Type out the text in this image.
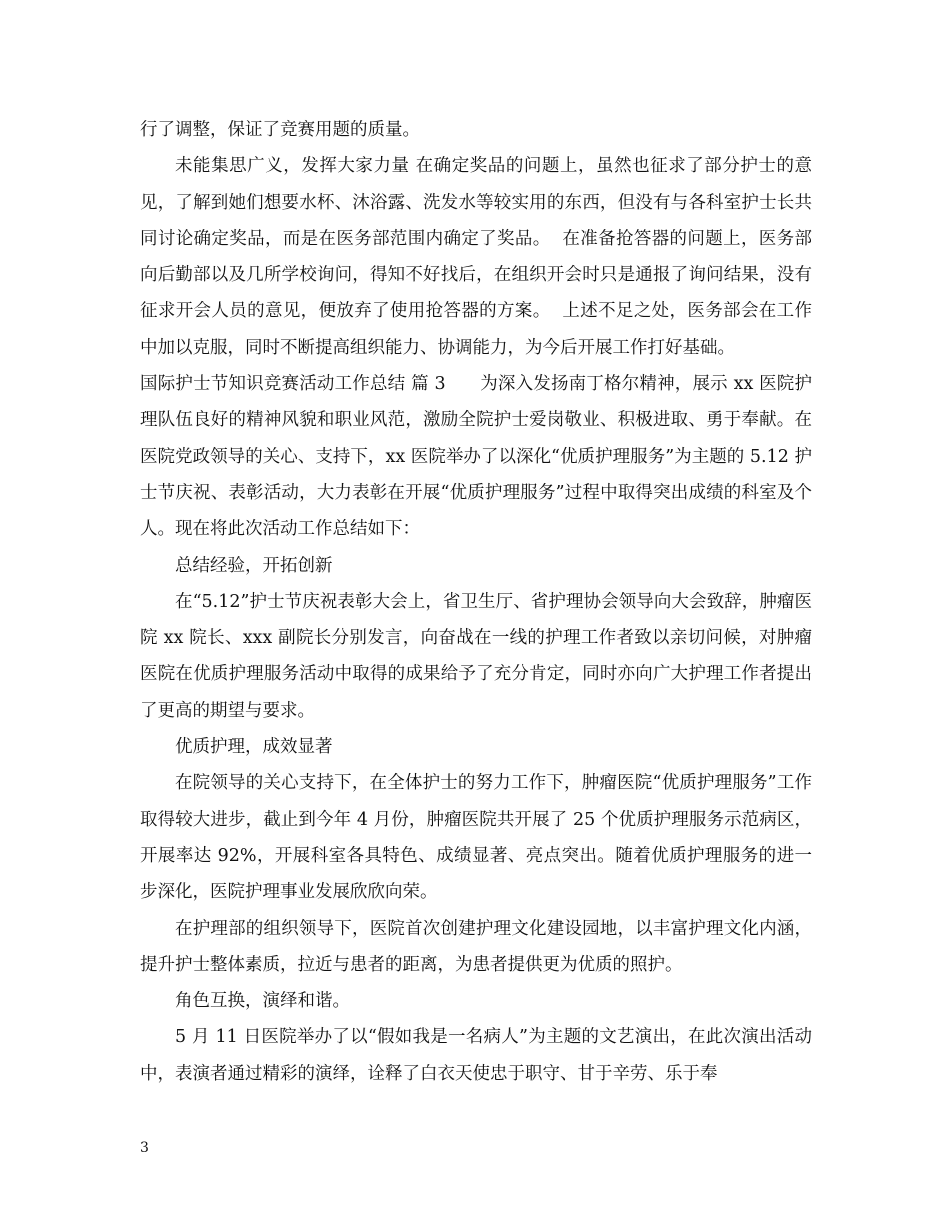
行了调整，保证了竞赛用题的质量。

未能集思广义，发挥大家力量 在确定奖品的问题上，虽然也征求了部分护士的意见，了解到她们想要水杯、沐浴露、洗发水等较实用的东西，但没有与各科室护士长共同讨论确定奖品，而是在医务部范围内确定了奖品。  在准备抢答器的问题上，医务部向后勤部以及几所学校询问，得知不好找后，在组织开会时只是通报了询问结果，没有征求开会人员的意见，便放弃了使用抢答器的方案。  上述不足之处，医务部会在工作中加以克服，同时不断提高组织能力、协调能力，为今后开展工作打好基础。

国际护士节知识竞赛活动工作总结 篇 3      为深入发扬南丁格尔精神，展示 xx 医院护理队伍良好的精神风貌和职业风范，激励全院护士爱岗敬业、积极进取、勇于奉献。在医院党政领导的关心、支持下，xx 医院举办了以深化“优质护理服务”为主题的 5.12 护士节庆祝、表彰活动，大力表彰在开展“优质护理服务”过程中取得突出成绩的科室及个人。现在将此次活动工作总结如下：

总结经验，开拓创新

在“5.12”护士节庆祝表彰大会上，省卫生厅、省护理协会领导向大会致辞，肿瘤医院 xx 院长、xxx 副院长分别发言，向奋战在一线的护理工作者致以亲切问候，对肿瘤医院在优质护理服务活动中取得的成果给予了充分肯定，同时亦向广大护理工作者提出了更高的期望与要求。

优质护理，成效显著

在院领导的关心支持下，在全体护士的努力工作下，肿瘤医院“优质护理服务”工作取得较大进步，截止到今年 4 月份，肿瘤医院共开展了 25 个优质护理服务示范病区，开展率达 92%，开展科室各具特色、成绩显著、亮点突出。随着优质护理服务的进一步深化，医院护理事业发展欣欣向荣。

在护理部的组织领导下，医院首次创建护理文化建设园地，以丰富护理文化内涵，提升护士整体素质，拉近与患者的距离，为患者提供更为优质的照护。

角色互换，演绎和谐。

5 月 11 日医院举办了以“假如我是一名病人”为主题的文艺演出，在此次演出活动中，表演者通过精彩的演绎，诠释了白衣天使忠于职守、甘于辛劳、乐于奉

3
